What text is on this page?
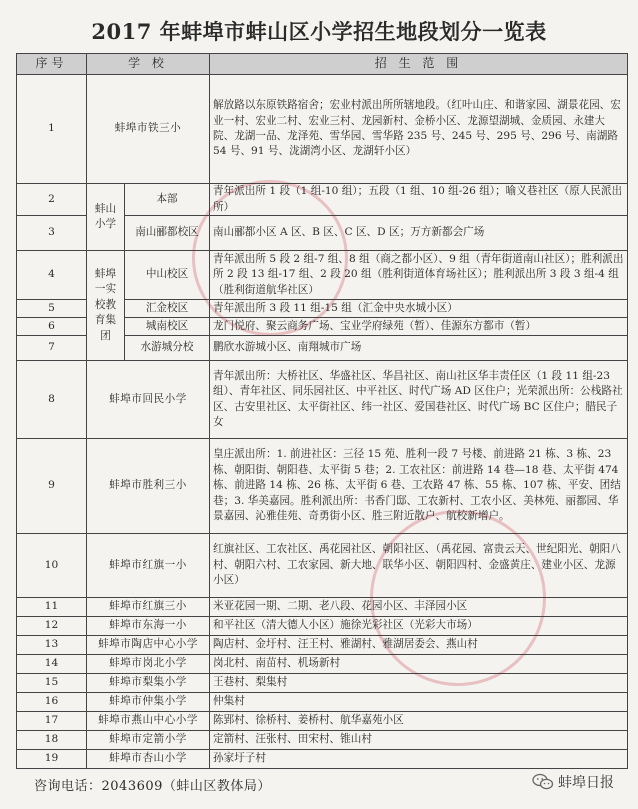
2017 年蚌埠市蚌山区小学招生地段划分一览表
序号	学 校		招 生 范 围
1	蚌埠市铁三小		解放路以东原铁路宿舍；宏业村派出所所辖地段。（红叶山庄、和谐家园、湖景花园、宏业一村、宏业二村、宏业三村、龙园新村、金桥小区、龙源望湖城、金质园、永建大院、龙湖一品、龙泽苑、雪华园、雪华路 235 号、245 号、295 号、296 号、南湖路 54 号、91 号、泷湖湾小区、龙湖轩小区）
2	蚌山小学	本部	青年派出所 1 段（1 组-10 组）；五段（1 组、10 组-26 组）；喻义巷社区（原人民派出所）
3		南山郦都校区	南山郦都小区 A 区、B 区、C 区、D 区；万方新都会广场
4	蚌埠一实校教育集团	中山校区	青年派出所 5 段 2 组-7 组、8 组（商之都小区）、9 组（青年街道南山社区）；胜利派出所 2 段 13 组-17 组、2 段 20 组（胜利街道体育场社区）；胜利派出所 3 段 3 组-4 组（胜利街道航华社区）
5		汇金校区	青年派出所 3 段 11 组-15 组（汇金中央水城小区）
6		城南校区	龙门悦府、聚云商务广场、宝业学府绿苑（暂）、佳源东方都市（暂）
7		水游城分校	鹏欣水游城小区、南翔城市广场
8	蚌埠市回民小学		青年派出所：大桥社区、华盛社区、华昌社区、南山社区华丰责任区（1 段 11 组-23 组）、青年社区、同乐园社区、中平社区、时代广场 AD 区住户；光荣派出所：公栈路社区、古安里社区、太平街社区、纬一社区、爱国巷社区、时代广场 BC 区住户；腊民子女
9	蚌埠市胜利三小		皇庄派出所：1. 前进社区：三径 15 苑、胜利一段 7 号楼、前进路 21 栋、3 栋、23 栋、朝阳街、朝阳巷、太平街 5 巷；2. 工农社区：前进路 14 巷—18 巷、太平街 474 栋、前进路 14 栋、26 栋、太平街 6 巷、工农路 47 栋、55 栋、107 栋、平安、团结巷；3. 华美嘉园。胜利派出所：书香门邸、工农新村、工农小区、美林苑、丽都园、华景嘉园、沁雅佳苑、奇勇街小区、胜三附近散户、航校新增户。
10	蚌埠市红旗一小		红旗社区、工农社区、禹花园社区、朝阳社区、（禹花园、富贵云天、世纪阳光、朝阳八村、朝阳六村、工农家园、新大地、联华小区、朝阳四村、金盛黄庄、建业小区、龙源小区）
11	蚌埠市红旗三小		米亚花园一期、二期、老八段、花园小区、丰泽园小区
12	蚌埠市东海一小		和平社区（清大德人小区）施徐光彩社区（光彩大市场）
13	蚌埠市陶店中心小学		陶店村、金圩村、汪王村、雅湖村、雅湖居委会、燕山村
14	蚌埠市岗北小学		岗北村、南苗村、机场新村
15	蚌埠市梨集小学		王巷村、梨集村
16	蚌埠市仲集小学		仲集村
17	蚌埠市燕山中心小学		陈郢村、徐桥村、姜桥村、航华嘉苑小区
18	蚌埠市定箭小学		定箭村、汪张村、田宋村、锥山村
19	蚌埠市杏山小学		孙家圩子村
咨询电话：2043609（蚌山区教体局）	蚌埠日报
